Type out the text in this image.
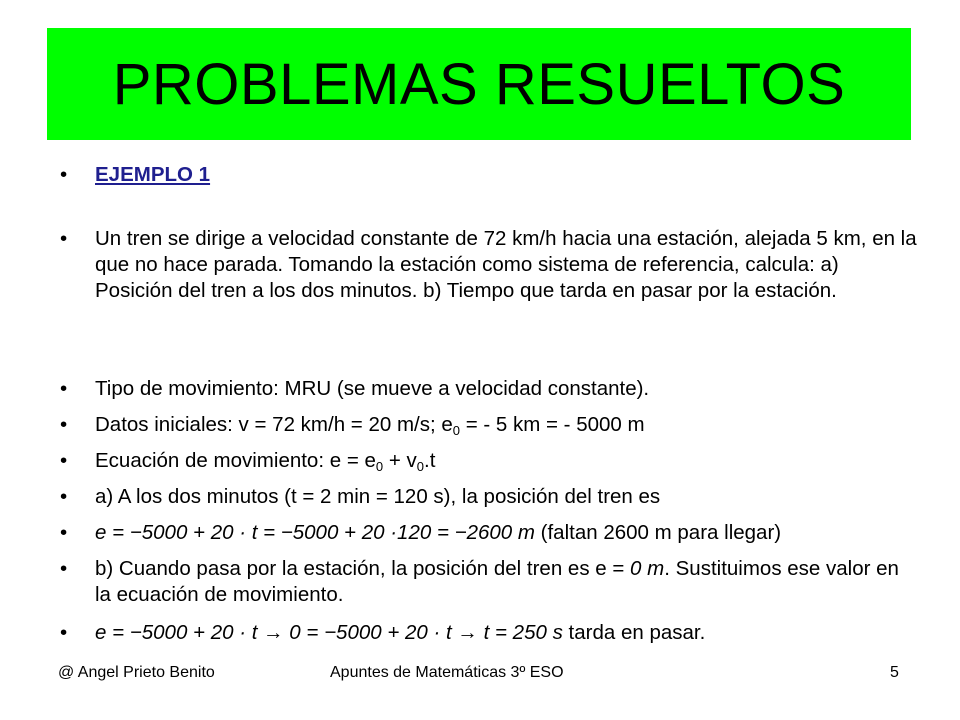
PROBLEMAS RESUELTOS
•	EJEMPLO 1
•	Un tren se dirige a velocidad constante de 72 km/h hacia una estación, alejada 5 km, en la que no hace parada. Tomando la estación como sistema de referencia, calcula: a) Posición del tren a los dos minutos. b) Tiempo que tarda en pasar por la estación.
•	Tipo de movimiento: MRU (se mueve a velocidad constante).
•	Datos iniciales: v = 72 km/h = 20 m/s; $e_0$ = - 5 km = - 5000 m
•	Ecuación de movimiento: $e = e_0 + v_0.t$
•	a) A los dos minutos (t = 2 min = 120 s), la posición del tren es
•	e = −5000 + 20 · t = −5000 + 20 ·120 = −2600 m (faltan 2600 m para llegar)
•	b) Cuando pasa por la estación, la posición del tren es e = 0 m. Sustituimos ese valor en la ecuación de movimiento.
•	e = −5000 + 20 · t → 0 = −5000 + 20 · t → t = 250 s tarda en pasar.
@ Angel Prieto Benito	Apuntes de Matemáticas 3º ESO	5
